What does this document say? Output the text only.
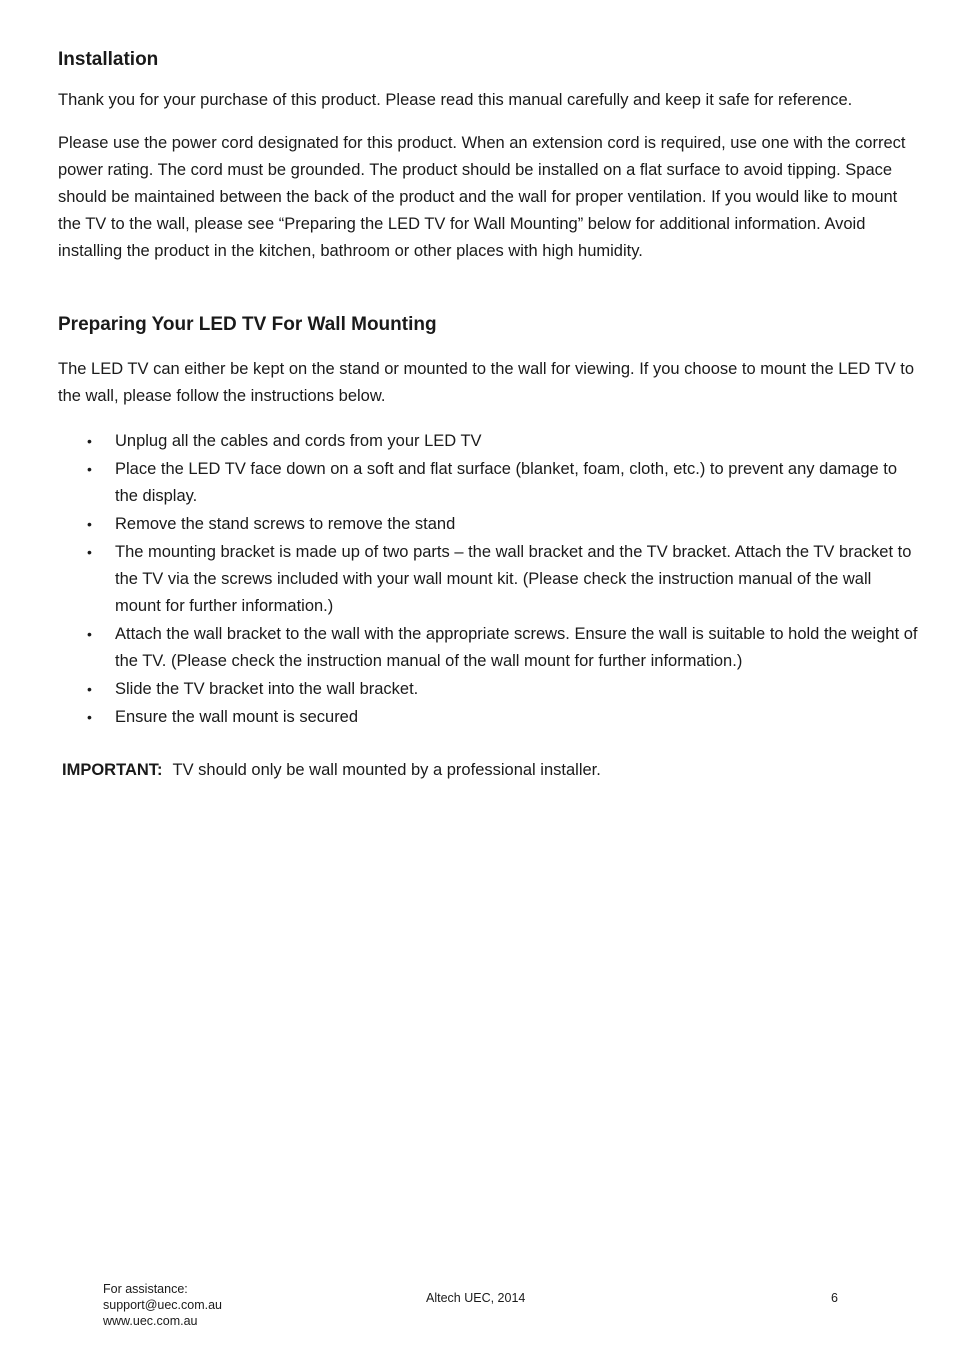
Installation

Thank you for your purchase of this product. Please read this manual carefully and keep it safe for reference.

Please use the power cord designated for this product. When an extension cord is required, use one with the correct power rating. The cord must be grounded. The product should be installed on a flat surface to avoid tipping. Space should be maintained between the back of the product and the wall for proper ventilation. If you would like to mount the TV to the wall, please see “Preparing the LED TV for Wall Mounting” below for additional information. Avoid installing the product in the kitchen, bathroom or other places with high humidity.

Preparing Your LED TV For Wall Mounting

The LED TV can either be kept on the stand or mounted to the wall for viewing. If you choose to mount the LED TV to the wall, please follow the instructions below.

• Unplug all the cables and cords from your LED TV
• Place the LED TV face down on a soft and flat surface (blanket, foam, cloth, etc.) to prevent any damage to the display.
• Remove the stand screws to remove the stand
• The mounting bracket is made up of two parts – the wall bracket and the TV bracket. Attach the TV bracket to the TV via the screws included with your wall mount kit. (Please check the instruction manual of the wall mount for further information.)
• Attach the wall bracket to the wall with the appropriate screws. Ensure the wall is suitable to hold the weight of the TV. (Please check the instruction manual of the wall mount for further information.)
• Slide the TV bracket into the wall bracket.
• Ensure the wall mount is secured

IMPORTANT: TV should only be wall mounted by a professional installer.

For assistance:
support@uec.com.au
www.uec.com.au
Altech UEC, 2014	6
